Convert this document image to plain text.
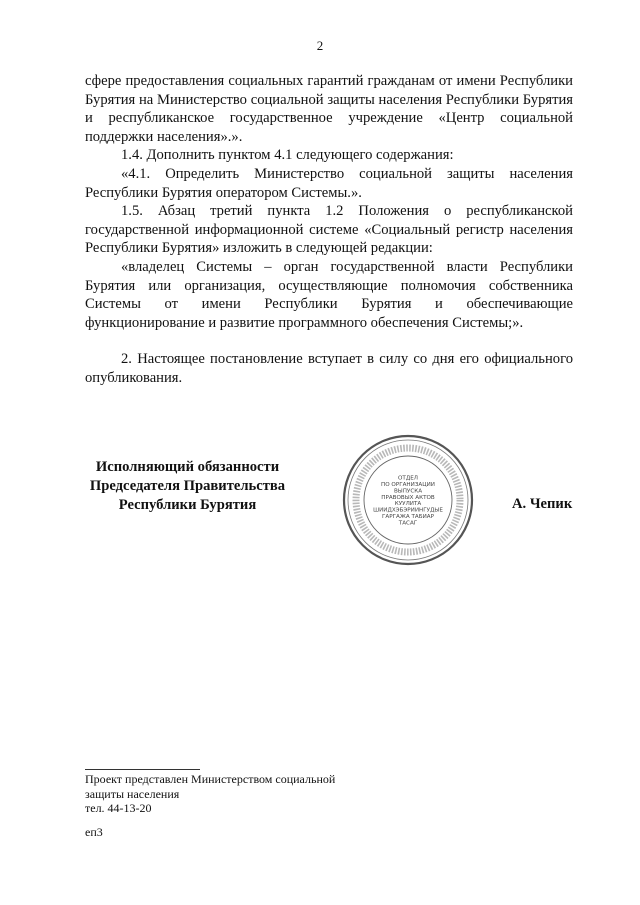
2

сфере предоставления социальных гарантий гражданам от имени Республики Бурятия на Министерство социальной защиты населения Республики Бурятия и республиканское государственное учреждение «Центр социальной поддержки населения».».

1.4. Дополнить пунктом 4.1 следующего содержания:

«4.1. Определить Министерство социальной защиты населения Республики Бурятия оператором Системы.».

1.5. Абзац третий пункта 1.2 Положения о республиканской государственной информационной системе «Социальный регистр населения Республики Бурятия» изложить в следующей редакции:

«владелец Системы – орган государственной власти Республики Бурятия или организация, осуществляющие полномочия собственника Системы от имени Республики Бурятия и обеспечивающие функционирование и развитие программного обеспечения Системы;».

2. Настоящее постановление вступает в силу со дня его официального опубликования.

Исполняющий обязанности
Председателя Правительства
Республики Бурятия
ОТДЕЛ
ПО ОРГАНИЗАЦИИ
ВЫПУСКА
ПРАВОВЫХ АКТОВ
КУУЛИТА
ШИИДХЭБЭРИИНГУДЫЕ
ГАРГАЖА ТАБИАР
ТАСАГ
А. Чепик
Проект представлен Министерством социальной
защиты населения
тел. 44-13-20
еп3
